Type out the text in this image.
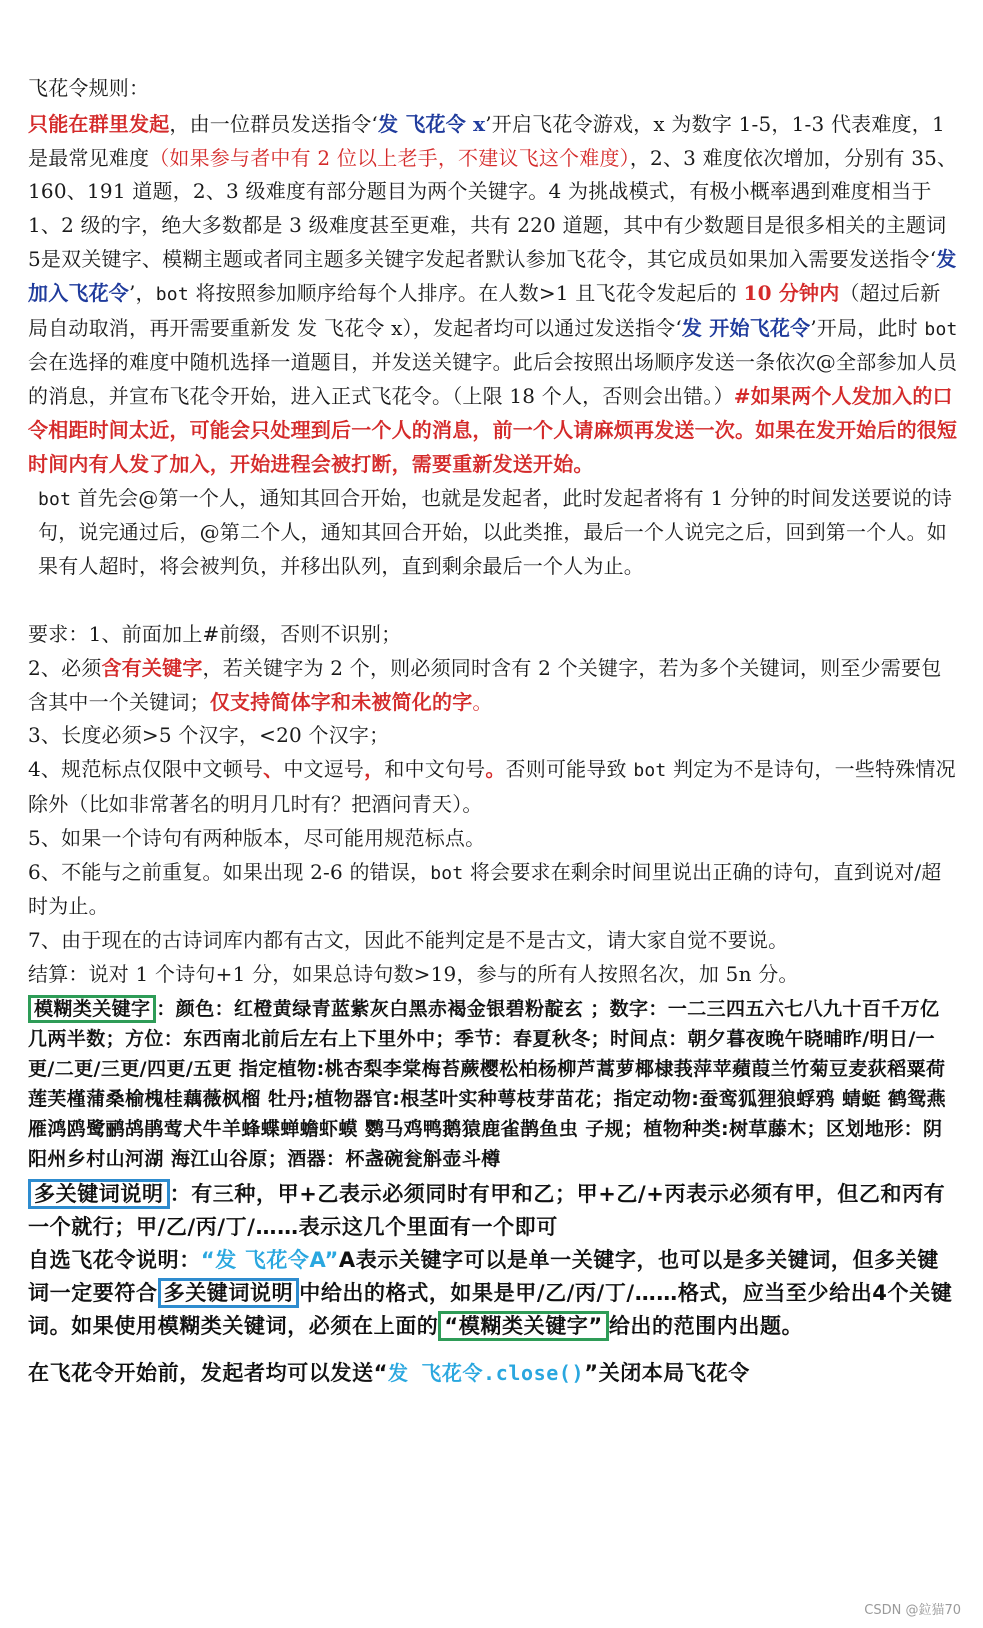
飞花令规则：

只能在群里发起，由一位群员发送指令‘发 飞花令 x’开启飞花令游戏，x 为数字 1-5，1-3 代表难度，1 是最常见难度（如果参与者中有 2 位以上老手，不建议飞这个难度），2、3 难度依次增加，分别有 35、160、191 道题，2、3 级难度有部分题目为两个关键字。4 为挑战模式，有极小概率遇到难度相当于 1、2 级的字，绝大多数都是 3 级难度甚至更难，共有 220 道题，其中有少数题目是很多相关的主题词5是双关键字、模糊主题或者同主题多关键字发起者默认参加飞花令，其它成员如果加入需要发送指令‘发 加入飞花令’，bot 将按照参加顺序给每个人排序。在人数>1 且飞花令发起后的 10 分钟内（超过后新局自动取消，再开需要重新发 发 飞花令 x），发起者均可以通过发送指令‘发 开始飞花令’开局，此时 bot 会在选择的难度中随机选择一道题目，并发送关键字。此后会按照出场顺序发送一条依次@全部参加人员的消息，并宣布飞花令开始，进入正式飞花令。（上限 18 个人，否则会出错。）#如果两个人发加入的口令相距时间太近，可能会只处理到后一个人的消息，前一个人请麻烦再发送一次。如果在发开始后的很短时间内有人发了加入，开始进程会被打断，需要重新发送开始。

bot 首先会@第一个人，通知其回合开始，也就是发起者，此时发起者将有 1 分钟的时间发送要说的诗句，说完通过后，@第二个人，通知其回合开始，以此类推，最后一个人说完之后，回到第一个人。如果有人超时，将会被判负，并移出队列，直到剩余最后一个人为止。

要求：1、前面加上#前缀，否则不识别；

2、必须含有关键字，若关键字为 2 个，则必须同时含有 2 个关键字，若为多个关键词，则至少需要包含其中一个关键词；仅支持简体字和未被简化的字。

3、长度必须>5 个汉字，<20 个汉字；

4、规范标点仅限中文顿号、中文逗号，和中文句号。否则可能导致 bot 判定为不是诗句，一些特殊情况除外（比如非常著名的明月几时有？把酒问青天）。

5、如果一个诗句有两种版本，尽可能用规范标点。

6、不能与之前重复。如果出现 2-6 的错误，bot 将会要求在剩余时间里说出正确的诗句，直到说对/超时为止。

7、由于现在的古诗词库内都有古文，因此不能判定是不是古文，请大家自觉不要说。

结算：说对 1 个诗句+1 分，如果总诗句数>19，参与的所有人按照名次，加 5n 分。

模糊类关键字 ：颜色：红橙黄绿青蓝紫灰白黑赤褐金银碧粉靛玄 ；数字：一二三四五六七八九十百千万亿几两半数；方位：东西南北前后左右上下里外中；季节：春夏秋冬；时间点：朝夕暮夜晚午晓晡昨/明日/一更/二更/三更/四更/五更 指定植物:桃杏梨李棠梅苔蕨樱松柏杨柳芦蒿萝椰棣莪萍苹蘋葭兰竹菊豆麦荻稻粟荷莲芙槿蒲桑榆槐桂藕薇枫榴 牡丹;植物器官:根茎叶实种萼枝芽苗花；指定动物:蚕鸾狐狸狼蜉鸦 蜻蜓 鹤鸳燕雁鸿鸥鹭鹂鸪鹃莺犬牛羊蜂蝶蝉蟾虾蟆 鹦马鸡鸭鹅猿鹿雀鹊鱼虫 子规；植物种类:树草藤木；区划地形：阴阳州乡村山河湖 海江山谷原；酒器：杯盏碗瓮斛壶斗樽

多关键词说明 ：有三种，甲+乙表示必须同时有甲和乙；甲+乙/+丙表示必须有甲，但乙和丙有一个就行；甲/乙/丙/丁/……表示这几个里面有一个即可

自选飞花令说明：“发 飞花令A”A表示关键字可以是单一关键字，也可以是多关键词，但多关键词一定要符合 多关键词说明 中给出的格式，如果是甲/乙/丙/丁/……格式，应当至少给出4个关键词。如果使用模糊类关键词，必须在上面的 “模糊类关键字” 给出的范围内出题。

在飞花令开始前，发起者均可以发送“发 飞花令.close()”关闭本局飞花令

CSDN @鉝猫70
